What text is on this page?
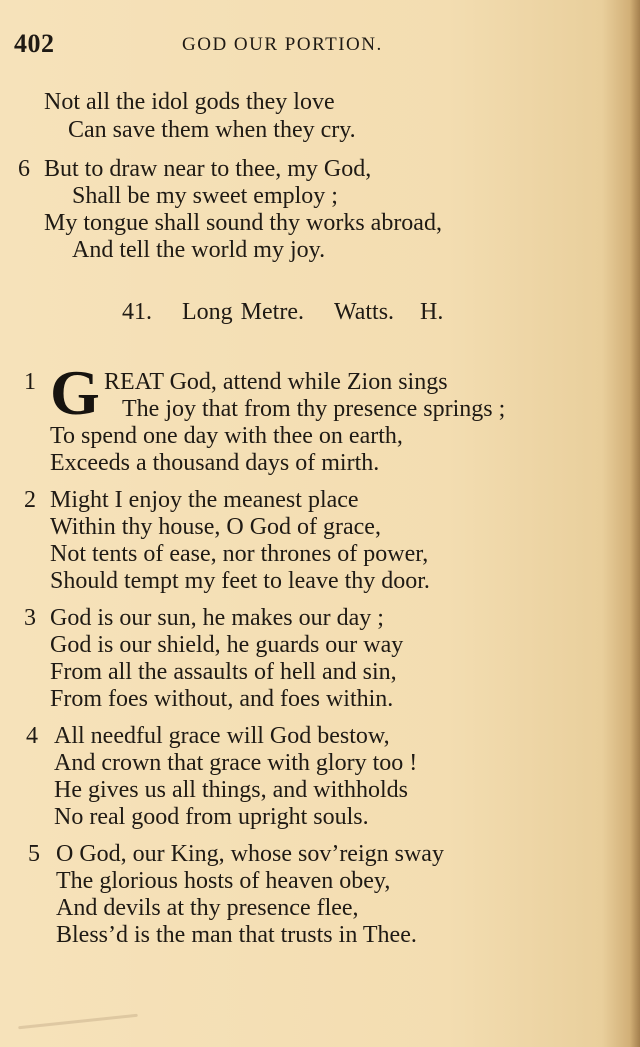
402	GOD OUR PORTION.
Not all the idol gods they love
Can save them when they cry.
6 But to draw near to thee, my God,
Shall be my sweet employ ;
My tongue shall sound thy works abroad,
And tell the world my joy.
41. Long Metre. Watts. H.
1 G REAT God, attend while Zion sings
The joy that from thy presence springs ;
To spend one day with thee on earth,
Exceeds a thousand days of mirth.
2 Might I enjoy the meanest place
Within thy house, O God of grace,
Not tents of ease, nor thrones of power,
Should tempt my feet to leave thy door.
3 God is our sun, he makes our day ;
God is our shield, he guards our way
From all the assaults of hell and sin,
From foes without, and foes within.
4 All needful grace will God bestow,
And crown that grace with glory too !
He gives us all things, and withholds
No real good from upright souls.
5 O God, our King, whose sov’reign sway
The glorious hosts of heaven obey,
And devils at thy presence flee,
Bless’d is the man that trusts in Thee.
